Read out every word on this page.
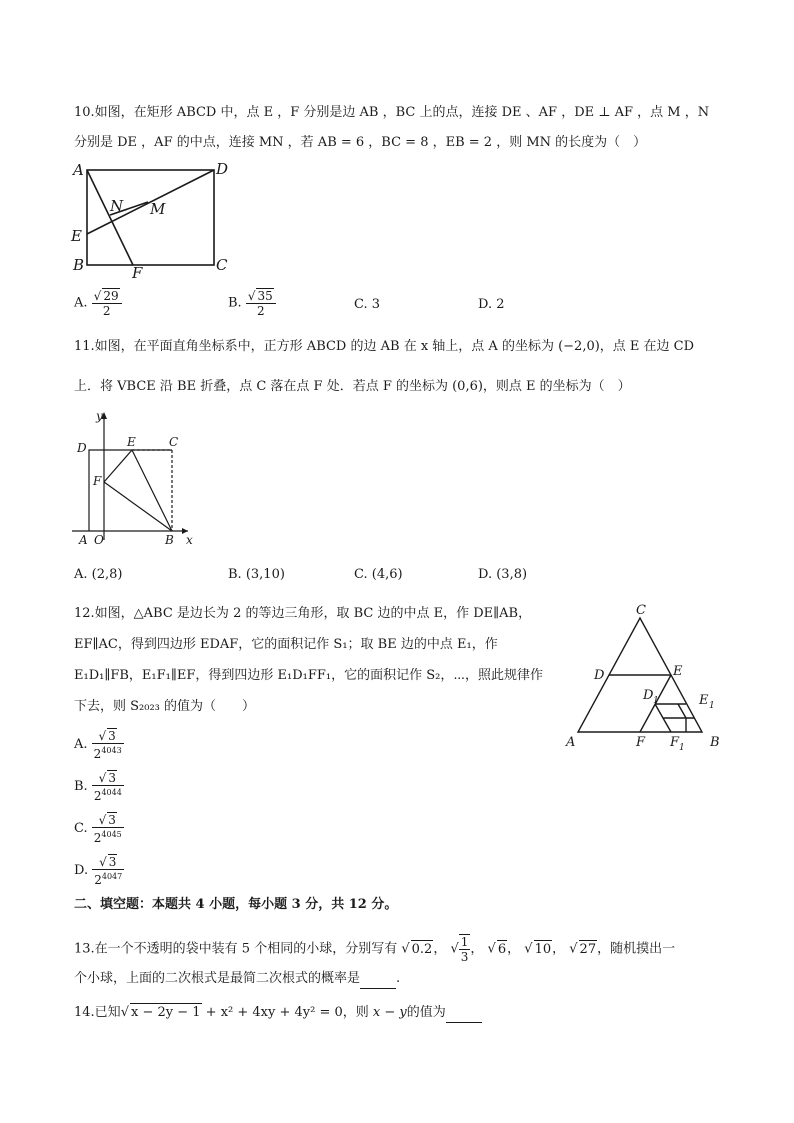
10.如图，在矩形 ABCD 中，点 E ，F 分别是边 AB ，BC 上的点，连接 DE 、AF ，DE ⊥ AF ，点 M ，N
分别是 DE ，AF 的中点，连接 MN ，若 AB = 6 ，BC = 8 ，EB = 2 ，则 MN 的长度为（　）
A	D
E
B	C
F
M
N
A. $\frac{√ 29}{2}$	B. $\frac{√ 35}{2}$	C. 3	D. 2
11.如图，在平面直角坐标系中，正方形 ABCD 的边 AB 在 x 轴上，点 A 的坐标为 (−2,0)，点 E 在边 CD
上．将 VBCE 沿 BE 折叠，点 C 落在点 F 处．若点 F 的坐标为 (0,6)，则点 E 的坐标为（　）
y
x
D	E	C
F
A O	B
A. (2,8)	B. (3,10)	C. (4,6)	D. (3,8)
12.如图，△ABC 是边长为 2 的等边三角形，取 BC 边的中点 E，作 DE∥AB，
EF∥AC，得到四边形 EDAF，它的面积记作 S₁；取 BE 边的中点 E₁，作
E₁D₁∥FB，E₁F₁∥EF，得到四边形 E₁D₁FF₁，它的面积记作 S₂，⋯，照此规律作
下去，则 S₂₀₂₃ 的值为（　　）
C
D	E
D 1	E 1
A	F F 1 B
A. $\frac{√ 3}{2^{4043}}$
B. $\frac{√ 3}{2^{4044}}$
C. $\frac{√ 3}{2^{4045}}$
D. $\frac{√ 3}{2^{4047}}$
二、填空题：本题共 4 小题，每小题 3 分，共 12 分。
13.在一个不透明的袋中装有 5 个相同的小球，分别写有 √ 0.2， √ $\frac{1}{3}$ ， √ 6， √ 10， √ 27，随机摸出一
个小球，上面的二次根式是最简二次根式的概率是	.
14.已知√ x − 2y − 1 + x² + 4xy + 4y² = 0，则 x − y的值为
